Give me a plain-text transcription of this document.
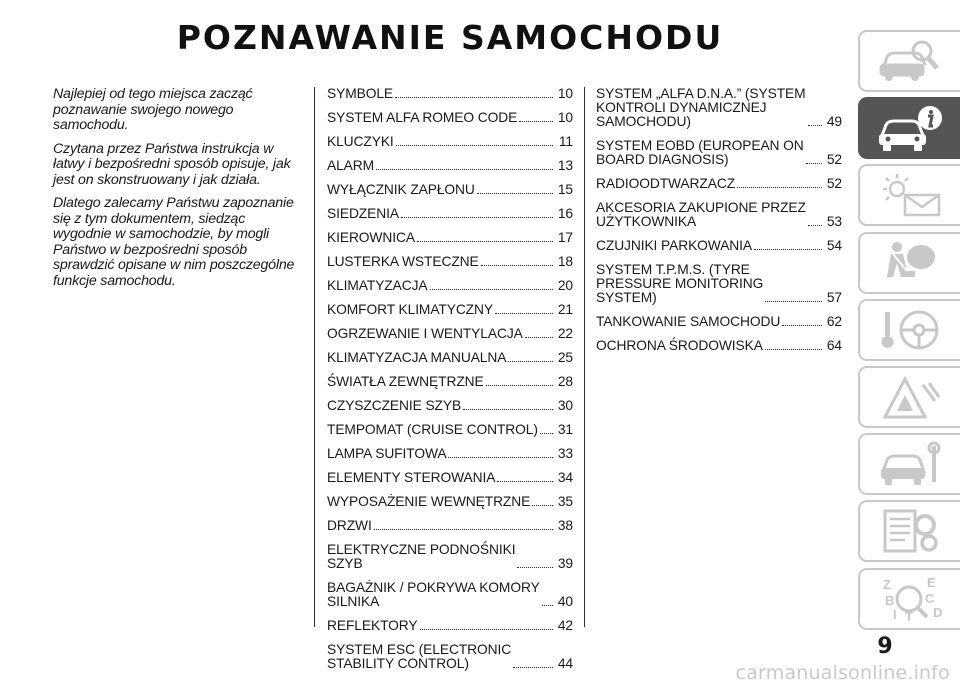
POZNAWANIE SAMOCHODU

Najlepiej od tego miejsca zacząć poznawanie swojego nowego samochodu.

Czytana przez Państwa instrukcja w łatwy i bezpośredni sposób opisuje, jak jest on skonstruowany i jak działa.

Dlatego zalecamy Państwu zapoznanie się z tym dokumentem, siedząc wygodnie w samochodzie, by mogli Państwo w bezpośredni sposób sprawdzić opisane w nim poszczególne funkcje samochodu.

SYMBOLE	10
SYSTEM ALFA ROMEO CODE	10
KLUCZYKI	11
ALARM	13
WYŁĄCZNIK ZAPŁONU	15
SIEDZENIA	16
KIEROWNICA	17
LUSTERKA WSTECZNE	18
KLIMATYZACJA	20
KOMFORT KLIMATYCZNY	21
OGRZEWANIE I WENTYLACJA	22
KLIMATYZACJA MANUALNA	25
ŚWIATŁA ZEWNĘTRZNE	28
CZYSZCZENIE SZYB	30
TEMPOMAT (CRUISE CONTROL) 31
LAMPA SUFITOWA	33
ELEMENTY STEROWANIA	34
WYPOSAŻENIE WEWNĘTRZNE 35
DRZWI	38
ELEKTRYCZNE PODNOŚNIKI
SZYB	39
BAGAŻNIK / POKRYWA KOMORY
SILNIKA	40
REFLEKTORY	42
SYSTEM ESC (ELECTRONIC
STABILITY CONTROL)	44
SYSTEM „ALFA D.N.A.” (SYSTEM
KONTROLI DYNAMICZNEJ
SAMOCHODU)	49
SYSTEM EOBD (EUROPEAN ON
BOARD DIAGNOSIS)	52
RADIOODTWARZACZ	52
AKCESORIA ZAKUPIONE PRZEZ
UŻYTKOWNIKA	53
CZUJNIKI PARKOWANIA	54
SYSTEM T.P.M.S. (TYRE
PRESSURE MONITORING
SYSTEM)	57
TANKOWANIE SAMOCHODU	62
OCHRONA ŚRODOWISKA	64
Z	E
B C
I T D
9
carmanualsonline.info
